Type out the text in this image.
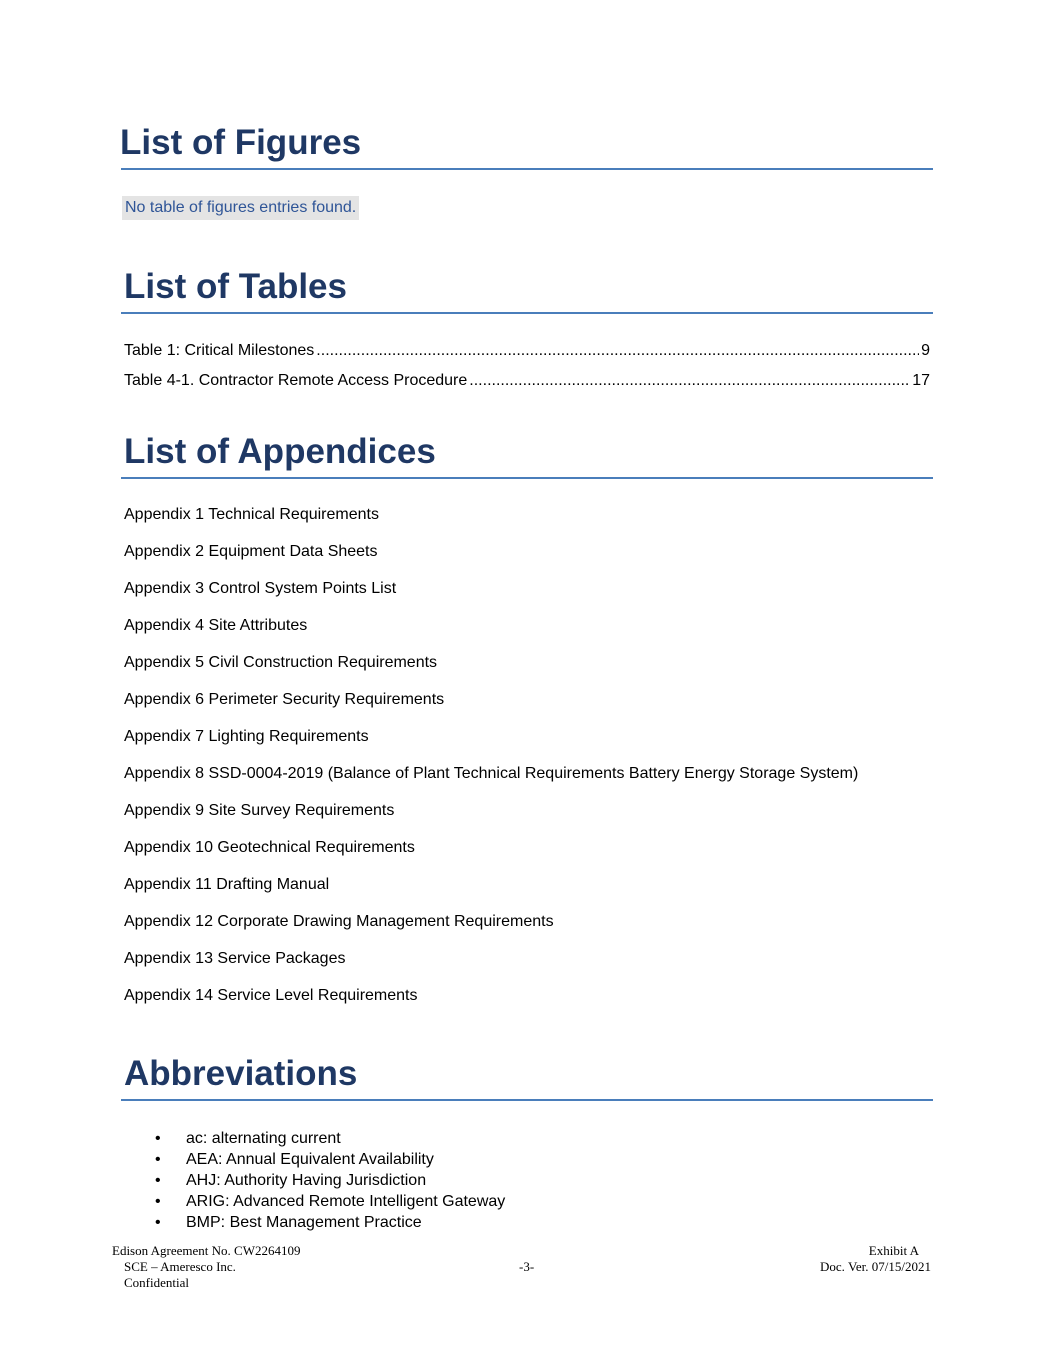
List of Figures
No table of figures entries found.
List of Tables
Table 1: Critical Milestones .....	9
Table 4-1. Contractor Remote Access Procedure .....	17
List of Appendices
Appendix 1 Technical Requirements
Appendix 2 Equipment Data Sheets
Appendix 3 Control System Points List
Appendix 4 Site Attributes
Appendix 5 Civil Construction Requirements
Appendix 6 Perimeter Security Requirements
Appendix 7 Lighting Requirements
Appendix 8 SSD-0004-2019 (Balance of Plant Technical Requirements Battery Energy Storage System)
Appendix 9 Site Survey Requirements
Appendix 10 Geotechnical Requirements
Appendix 11 Drafting Manual
Appendix 12 Corporate Drawing Management Requirements
Appendix 13 Service Packages
Appendix 14 Service Level Requirements
Abbreviations
• ac: alternating current
• AEA: Annual Equivalent Availability
• AHJ: Authority Having Jurisdiction
• ARIG: Advanced Remote Intelligent Gateway
• BMP: Best Management Practice
Edison Agreement No. CW2264109
SCE – Ameresco Inc.
Confidential
-3-
Exhibit A
Doc. Ver. 07/15/2021
